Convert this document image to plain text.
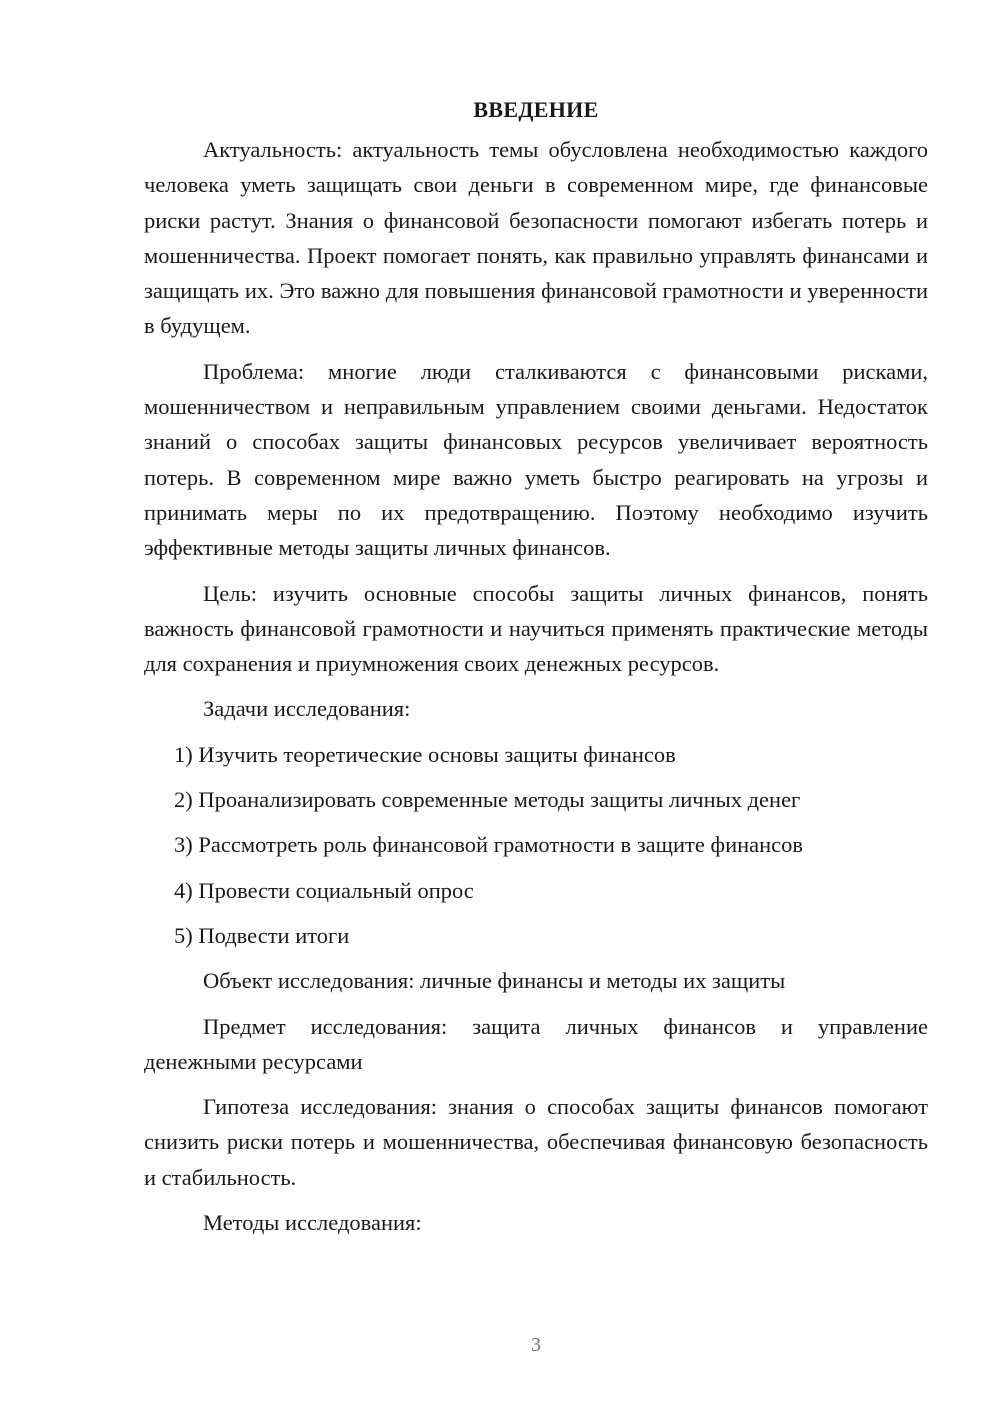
ВВЕДЕНИЕ

Актуальность: актуальность темы обусловлена необходимостью каждого человека уметь защищать свои деньги в современном мире, где финансовые риски растут. Знания о финансовой безопасности помогают избегать потерь и мошенничества. Проект помогает понять, как правильно управлять финансами и защищать их. Это важно для повышения финансовой грамотности и уверенности в будущем.

Проблема: многие люди сталкиваются с финансовыми рисками, мошенничеством и неправильным управлением своими деньгами. Недостаток знаний о способах защиты финансовых ресурсов увеличивает вероятность потерь. В современном мире важно уметь быстро реагировать на угрозы и принимать меры по их предотвращению. Поэтому необходимо изучить эффективные методы защиты личных финансов.

Цель: изучить основные способы защиты личных финансов, понять важность финансовой грамотности и научиться применять практические методы для сохранения и приумножения своих денежных ресурсов.

Задачи исследования:

1) Изучить теоретические основы защиты финансов
2) Проанализировать современные методы защиты личных денег
3) Рассмотреть роль финансовой грамотности в защите финансов
4) Провести социальный опрос
5) Подвести итоги

Объект исследования: личные финансы и методы их защиты

Предмет исследования: защита личных финансов и управление денежными ресурсами

Гипотеза исследования: знания о способах защиты финансов помогают снизить риски потерь и мошенничества, обеспечивая финансовую безопасность и стабильность.

Методы исследования:

3
